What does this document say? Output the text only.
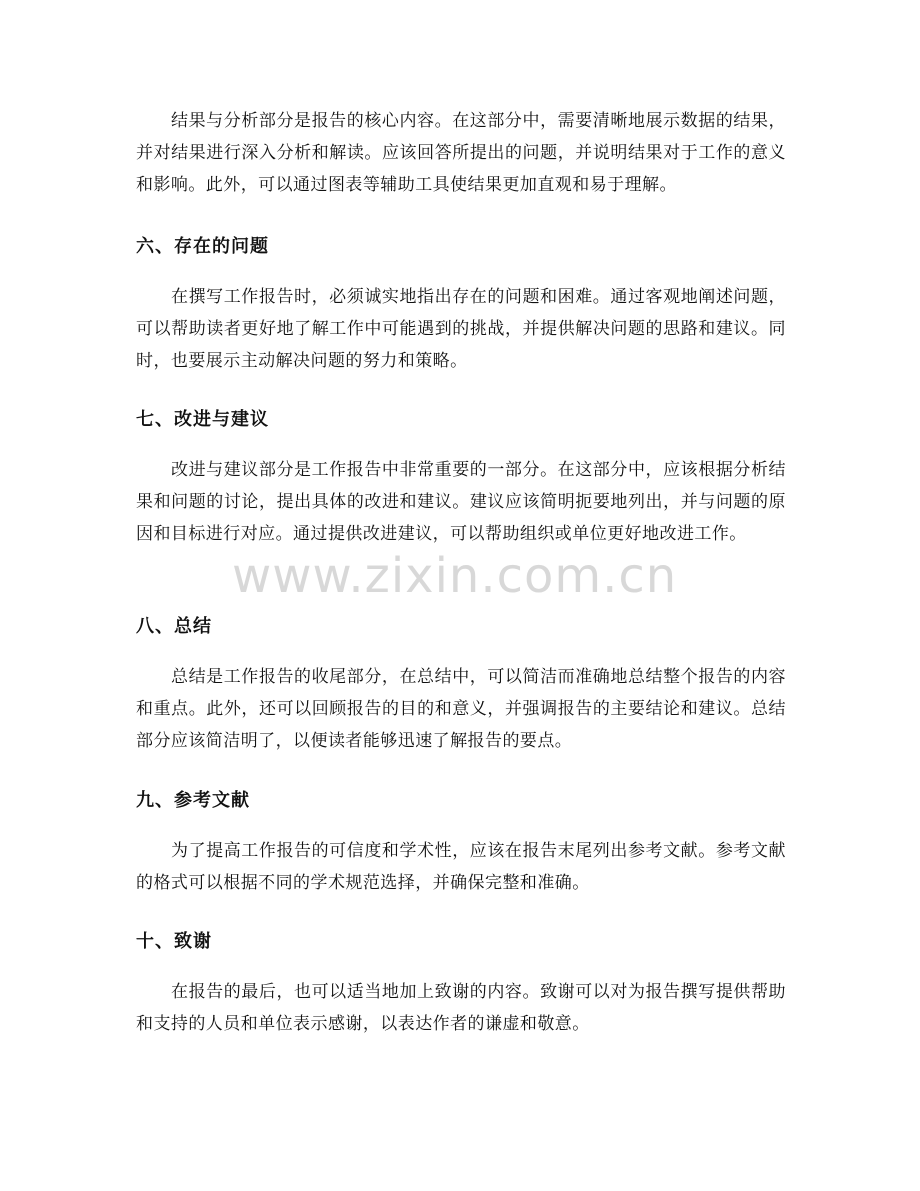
结果与分析部分是报告的核心内容。在这部分中，需要清晰地展示数据的结果，并对结果进行深入分析和解读。应该回答所提出的问题，并说明结果对于工作的意义和影响。此外，可以通过图表等辅助工具使结果更加直观和易于理解。

六、存在的问题

在撰写工作报告时，必须诚实地指出存在的问题和困难。通过客观地阐述问题，可以帮助读者更好地了解工作中可能遇到的挑战，并提供解决问题的思路和建议。同时，也要展示主动解决问题的努力和策略。

七、改进与建议

改进与建议部分是工作报告中非常重要的一部分。在这部分中，应该根据分析结果和问题的讨论，提出具体的改进和建议。建议应该简明扼要地列出，并与问题的原因和目标进行对应。通过提供改进建议，可以帮助组织或单位更好地改进工作。

八、总结

总结是工作报告的收尾部分，在总结中，可以简洁而准确地总结整个报告的内容和重点。此外，还可以回顾报告的目的和意义，并强调报告的主要结论和建议。总结部分应该简洁明了，以便读者能够迅速了解报告的要点。

九、参考文献

为了提高工作报告的可信度和学术性，应该在报告末尾列出参考文献。参考文献的格式可以根据不同的学术规范选择，并确保完整和准确。

十、致谢

在报告的最后，也可以适当地加上致谢的内容。致谢可以对为报告撰写提供帮助和支持的人员和单位表示感谢，以表达作者的谦虚和敬意。

www.zixin.com.cn
